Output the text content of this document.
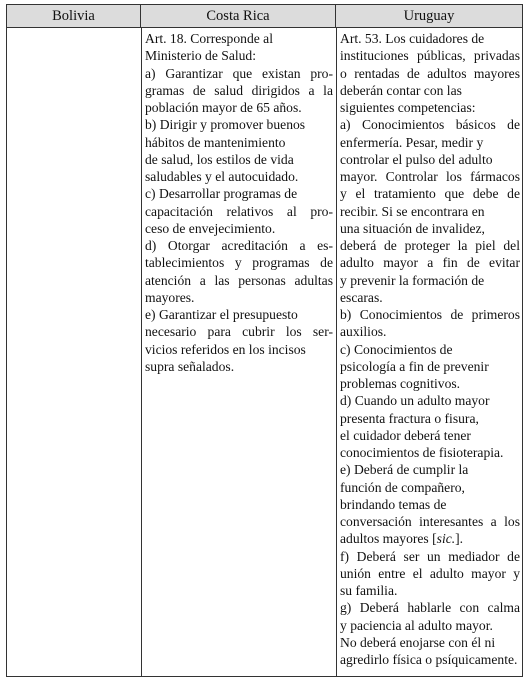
Bolivia	Costa Rica	Uruguay
Art. 18. Corresponde al
Ministerio de Salud:
a) Garantizar que existan pro-
gramas de salud dirigidos a la
población mayor de 65 años.
b) Dirigir y promover buenos
hábitos de mantenimiento
de salud, los estilos de vida
saludables y el autocuidado.
c) Desarrollar programas de
capacitación relativos al pro-
ceso de envejecimiento.
d) Otorgar acreditación a es-
tablecimientos y programas de
atención a las personas adultas
mayores.
e) Garantizar el presupuesto
necesario para cubrir los ser-
vicios referidos en los incisos
supra señalados.
Art. 53. Los cuidadores de
instituciones públicas, privadas
o rentadas de adultos mayores
deberán contar con las
siguientes competencias:
a) Conocimientos básicos de
enfermería. Pesar, medir y
controlar el pulso del adulto
mayor. Controlar los fármacos
y el tratamiento que debe de
recibir. Si se encontrara en
una situación de invalidez,
deberá de proteger la piel del
adulto mayor a fin de evitar
y prevenir la formación de
escaras.
b) Conocimientos de primeros
auxilios.
c) Conocimientos de
psicología a fin de prevenir
problemas cognitivos.
d) Cuando un adulto mayor
presenta fractura o fisura,
el cuidador deberá tener
conocimientos de fisioterapia.
e) Deberá de cumplir la
función de compañero,
brindando temas de
conversación interesantes a los
adultos mayores [sic.].
f) Deberá ser un mediador de
unión entre el adulto mayor y
su familia.
g) Deberá hablarle con calma
y paciencia al adulto mayor.
No deberá enojarse con él ni
agredirlo física o psíquicamente.
